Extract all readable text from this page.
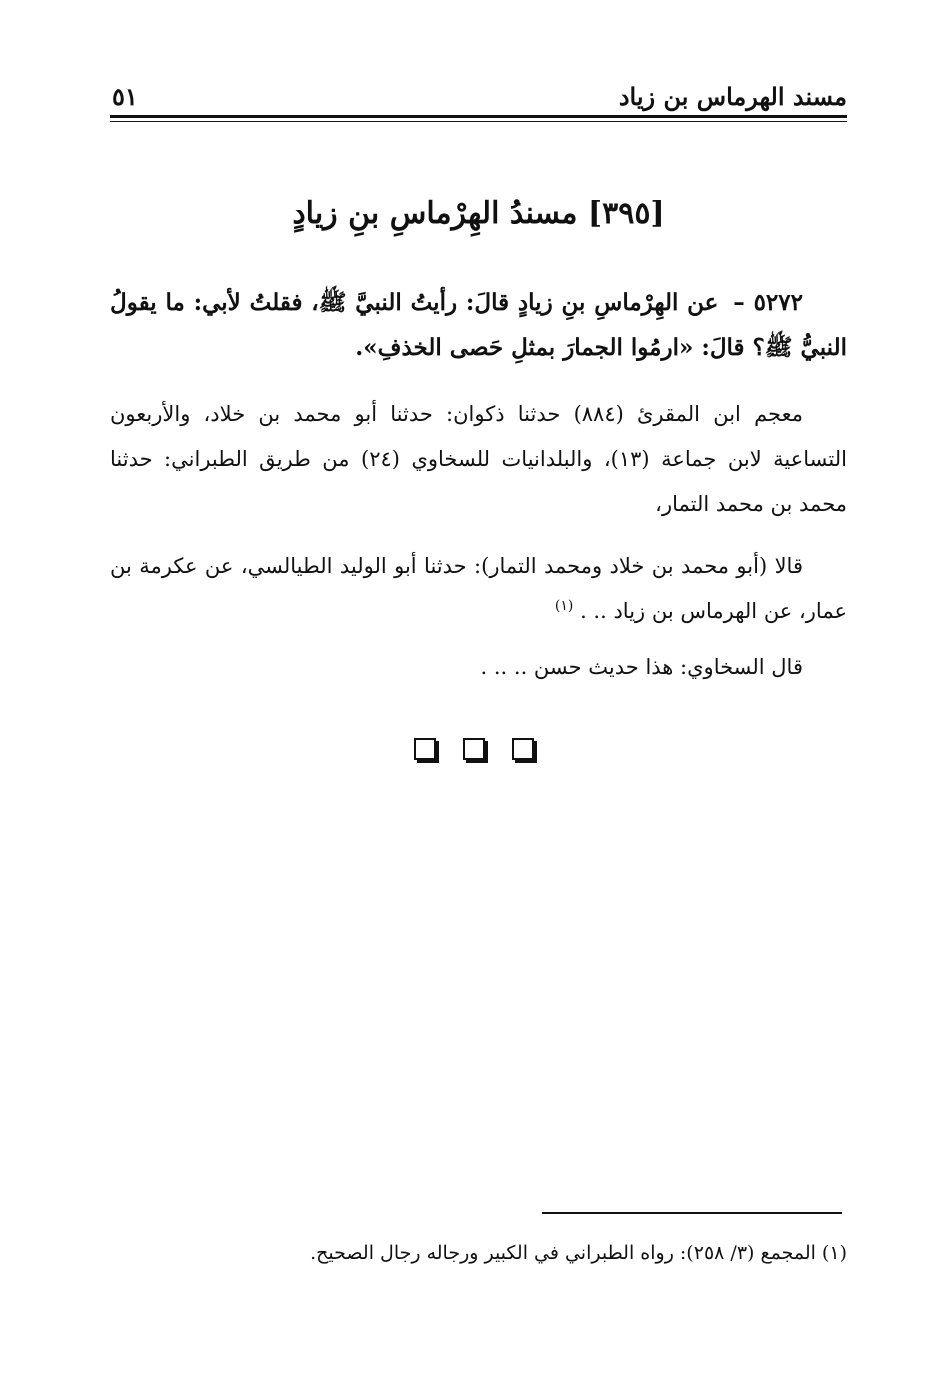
مسند الهرماس بن زياد
٥١
[٣٩٥] مسندُ الهِرْماسِ بنِ زيادٍ
٥٢٧٢ – عن الهِرْماسِ بنِ زيادٍ قالَ: رأيتُ النبيَّ ﷺ، فقلتُ لأبي: ما يقولُ النبيُّ ﷺ؟ قالَ: «ارمُوا الجمارَ بمثلِ حَصى الخذفِ».
معجم ابن المقرئ (٨٨٤) حدثنا ذكوان: حدثنا أبو محمد بن خلاد، والأربعون التساعية لابن جماعة (١٣)، والبلدانيات للسخاوي (٢٤) من طريق الطبراني: حدثنا محمد بن محمد التمار،
قالا (أبو محمد بن خلاد ومحمد التمار): حدثنا أبو الوليد الطيالسي، عن عكرمة بن عمار، عن الهرماس بن زياد .. . $^{(١)}$
قال السخاوي: هذا حديث حسن .. .. .
(١) المجمع (٣/ ٢٥٨): رواه الطبراني في الكبير ورجاله رجال الصحيح.
